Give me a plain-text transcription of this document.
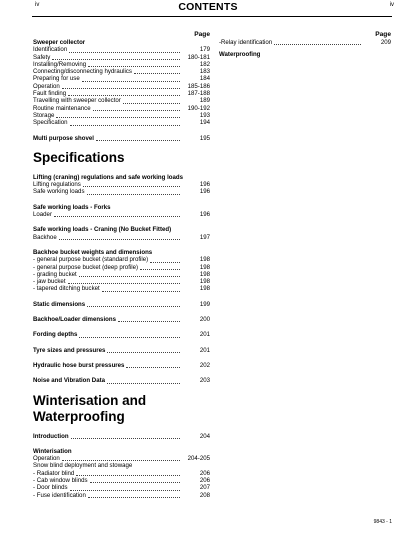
iv	CONTENTS	iv
Page
Sweeper collector
Identification	179
Safety	180-181
Installing/Removing	182
Connecting/disconnecting hydraulics	183
Preparing for use	184
Operation	185-186
Fault finding	187-188
Travelling with sweeper collector	189
Routine maintenance	190-192
Storage	193
Specification	194
Multi purpose shovel	195
Specifications
Lifting (craning) regulations and safe working loads
Lifting regulations	196
Safe working loads	196
Safe working loads - Forks
Loader	196
Safe working loads - Craning (No Bucket Fitted)
Backhoe	197
Backhoe bucket weights and dimensions
- general purpose bucket (standard profile)	198
- general purpose bucket (deep profile)	198
- grading bucket	198
- jaw bucket	198
- tapered ditching bucket	198
Static dimensions	199
Backhoe/Loader dimensions	200
Fording depths	201
Tyre sizes and pressures	201
Hydraulic hose burst pressures	202
Noise and Vibration Data	203
Winterisation and
Waterproofing
Introduction	204
Winterisation
Operation	204-205
Snow blind deployment and stowage
- Radiator blind	206
- Cab window blinds	206
- Door blinds	207
- Fuse identification	208
Page
-Relay identification	209
Waterproofing
9843 - 1
